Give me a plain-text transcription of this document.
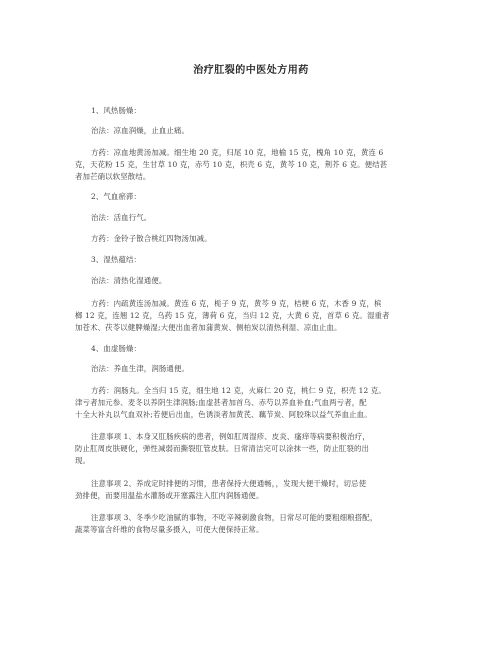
治疗肛裂的中医处方用药
1、风热肠燥：
治法：凉血润燥，止血止痛。
方药：凉血地黄汤加减。细生地 20 克，归尾 10 克，地榆 15 克，槐角 10 克，黄连 6
克，天花粉 15 克，生甘草 10 克，赤芍 10 克，枳壳 6 克，黄芩 10 克，荆芥 6 克。便结甚
者加芒硝以软坚散结。
2、气血瘀滞：
治法：活血行气。
方药：金铃子散合桃红四物汤加减。
3、湿热蕴结：
治法：清热化湿通便。
方药：内疏黄连汤加减。黄连 6 克，栀子 9 克，黄芩 9 克，桔梗 6 克，木香 9 克，槟
榔 12 克，连翘 12 克，乌药 15 克，薄荷 6 克，当归 12 克，大黄 6 克，首草 6 克。湿重者
加苍术、茯苓以健脾燥湿;大便出血者加蒲黄炭、侧柏炭以清热利湿、凉血止血。
4、血虚肠燥：
治法：养血生津，润肠通便。
方药：润肠丸。全当归 15 克，细生地 12 克，火麻仁 20 克，桃仁 9 克，枳壳 12 克。
津亏者加元参、麦冬以养阴生津润肠;血虚甚者加首乌、赤芍以养血补血;气血两亏者，配
十全大补丸以气血双补;若便后出血，色诱淡者加黄芪、藕节炭、阿胶珠以益气养血止血。
注意事项 1、本身又肛肠疾病的患者，例如肛周湿疹、皮炎、瘙痒等病要积极治疗，
防止肛周皮肤硬化，弹性减弱而撕裂肛管皮肤。日常清洁完可以涂抹一些，防止肛裂的出
现。
注意事项 2、养成定时排便的习惯，患者保持大便通畅，，发现大便干燥时，切忌使
劲排便，而要用温盐水灌肠或开塞露注入肛内润肠通便。
注意事项 3、冬季少吃油腻的事物，不吃辛辣刺激食物，日常尽可能的要粗细粮搭配，
蔬菜等富含纤维的食物尽量多摄入，可使大便保持正常。
